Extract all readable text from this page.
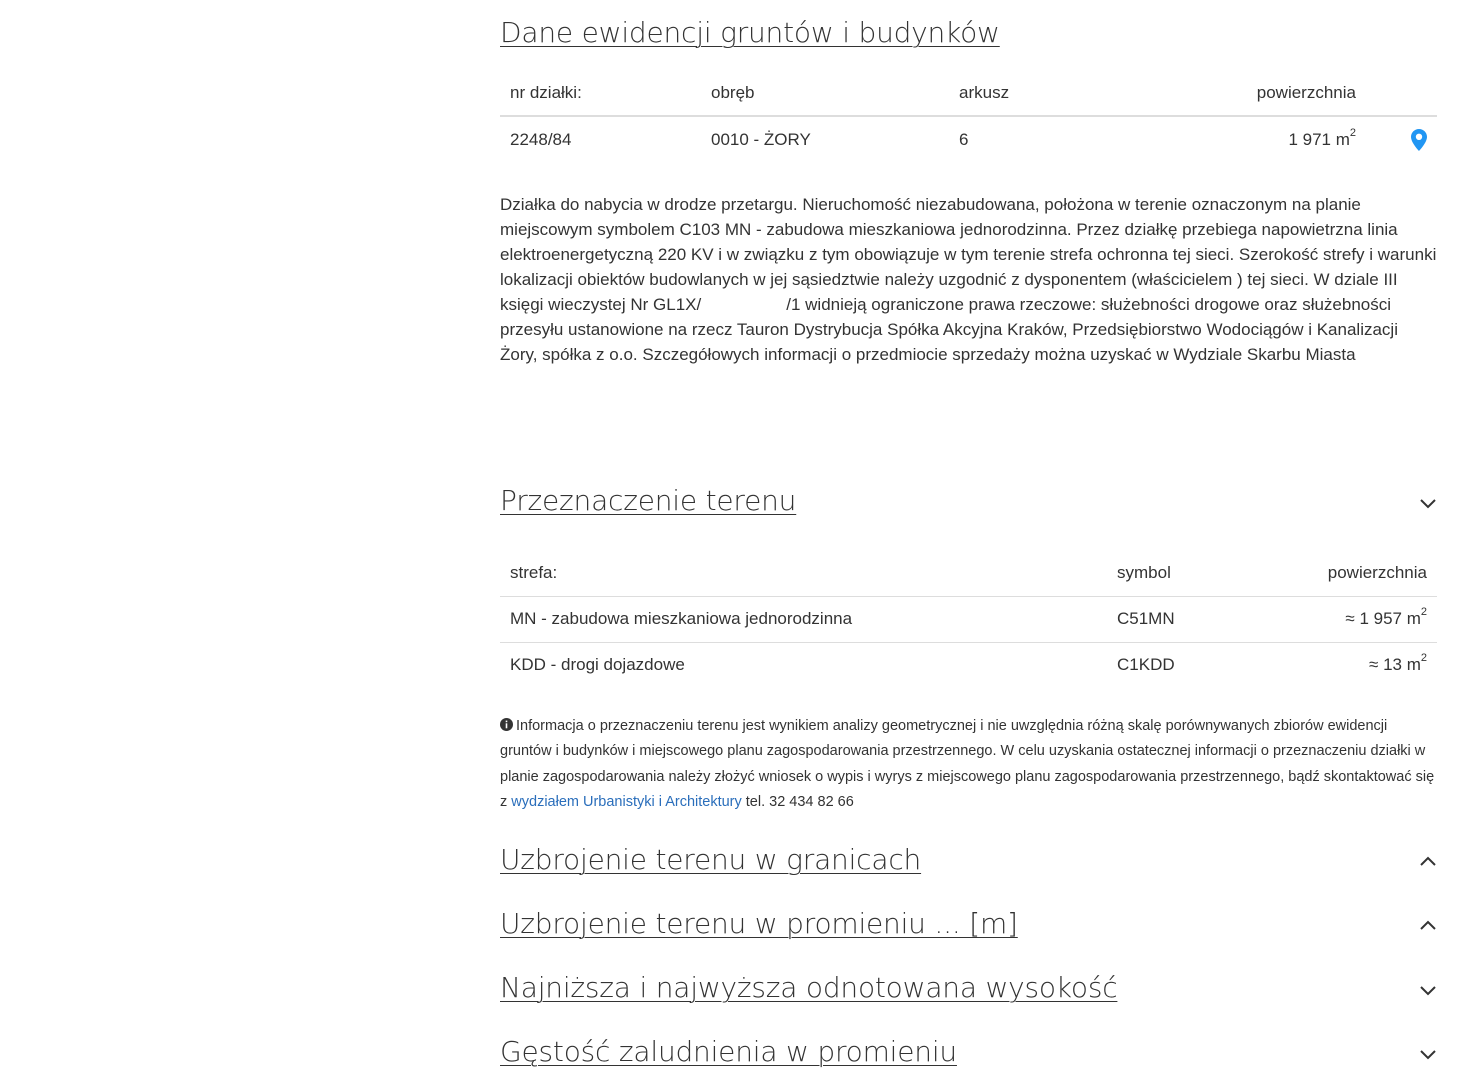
Dane ewidencji gruntów i budynków
nr działki:	obręb	arkusz	powierzchnia	
2248/84	0010 - ŻORY	6	1 971 $m^2$	

Działka do nabycia w drodze przetargu. Nieruchomość niezabudowana, położona w terenie oznaczonym na planie miejscowym symbolem C103 MN - zabudowa mieszkaniowa jednorodzinna. Przez działkę przebiega napowietrzna linia elektroenergetyczną 220 KV i w związku z tym obowiązuje w tym terenie strefa ochronna tej sieci. Szerokość strefy i warunki lokalizacji obiektów budowlanych w jej sąsiedztwie należy uzgodnić z dysponentem (właścicielem ) tej sieci. W dziale III księgi wieczystej Nr GL1X/                  /1 widnieją ograniczone prawa rzeczowe: służebności drogowe oraz służebności przesyłu ustanowione na rzecz Tauron Dystrybucja Spółka Akcyjna Kraków, Przedsiębiorstwo Wodociągów i Kanalizacji Żory, spółka z o.o. Szczegółowych informacji o przedmiocie sprzedaży można uzyskać w Wydziale Skarbu Miasta

Przeznaczenie terenu
strefa:	symbol	powierzchnia
MN - zabudowa mieszkaniowa jednorodzinna	C51MN	≈ 1 957 $m^2$
KDD - drogi dojazdowe	C1KDD	≈ 13 $m^2$

Informacja o przeznaczeniu terenu jest wynikiem analizy geometrycznej i nie uwzględnia różną skalę porównywanych zbiorów ewidencji gruntów i budynków i miejscowego planu zagospodarowania przestrzennego. W celu uzyskania ostatecznej informacji o przeznaczeniu działki w planie zagospodarowania należy złożyć wniosek o wypis i wyrys z miejscowego planu zagospodarowania przestrzennego, bądź skontaktować się z wydziałem Urbanistyki i Architektury tel. 32 434 82 66

Uzbrojenie terenu w granicach
Uzbrojenie terenu w promieniu ... [m]
Najniższa i najwyższa odnotowana wysokość
Gęstość zaludnienia w promieniu
